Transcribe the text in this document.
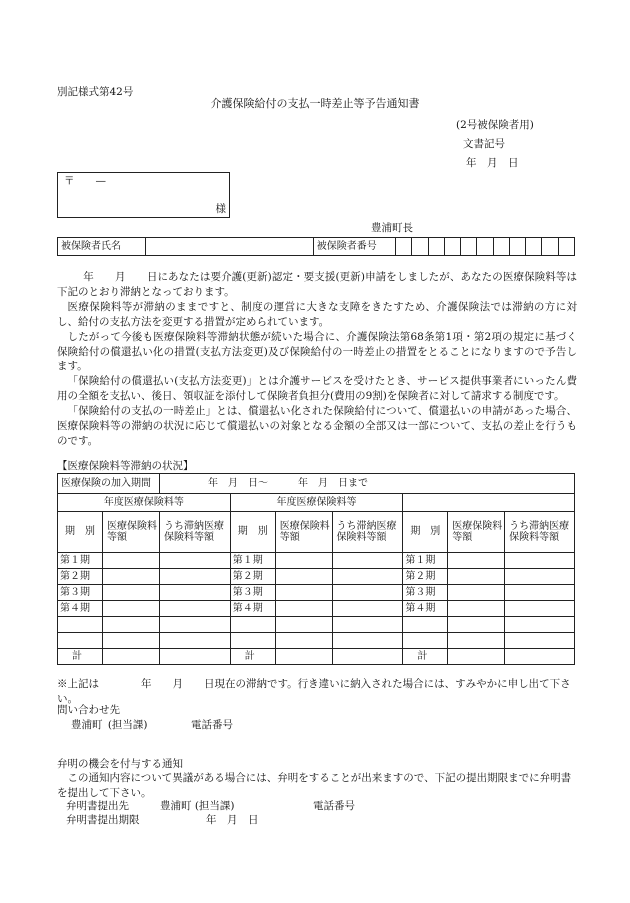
別記様式第42号
介護保険給付の支払一時差止等予告通知書
(2号被保険者用)
文書記号
年　月　日
〒　　—
様
豊浦町長
被保険者氏名		被保険者番号											

年　　月　　日にあなたは要介護(更新)認定・要支援(更新)申請をしましたが、あなたの医療保険料等は下記のとおり滞納となっております。

医療保険料等が滞納のままですと、制度の運営に大きな支障をきたすため、介護保険法では滞納の方に対し、給付の支払方法を変更する措置が定められています。

したがって今後も医療保険料等滞納状態が続いた場合に、介護保険法第68条第1項・第2項の規定に基づく保険給付の償還払い化の措置(支払方法変更)及び保険給付の一時差止の措置をとることになりますので予告します。

「保険給付の償還払い(支払方法変更)」とは介護サービスを受けたとき、サービス提供事業者にいったん費用の全額を支払い、後日、領収証を添付して保険者負担分(費用の9割)を保険者に対して請求する制度です。

「保険給付の支払の一時差止」とは、償還払い化された保険給付について、償還払いの申請があった場合、医療保険料等の滞納の状況に応じて償還払いの対象となる金額の全部又は一部について、支払の差止を行うものです。

【医療保険料等滞納の状況】
医療保険の加入期間		年　月　日～　　　年　月　日まで						
年度医療保険料等			年度医療保険料等					
期　別	医療保険料等額	うち滞納医療保険料等額	期　別	医療保険料等額	うち滞納医療保険料等額	期　別	医療保険料等額	うち滞納医療保険料等額
第１期			第１期			第１期		
第２期			第２期			第２期		
第３期			第３期			第３期		
第４期			第４期			第４期		

計			計			計		
※上記は　　　　年　　月　　日現在の滞納です。行き違いに納入された場合には、すみやかに申し出て下さい。
問い合わせ先
豊浦町 (担当課)	電話番号
弁明の機会を付与する通知

この通知内容について異議がある場合には、弁明をすることが出来ますので、下記の提出期限までに弁明書を提出して下さい。

弁明書提出先	豊浦町 (担当課)	電話番号
弁明書提出期限	年　月　日
